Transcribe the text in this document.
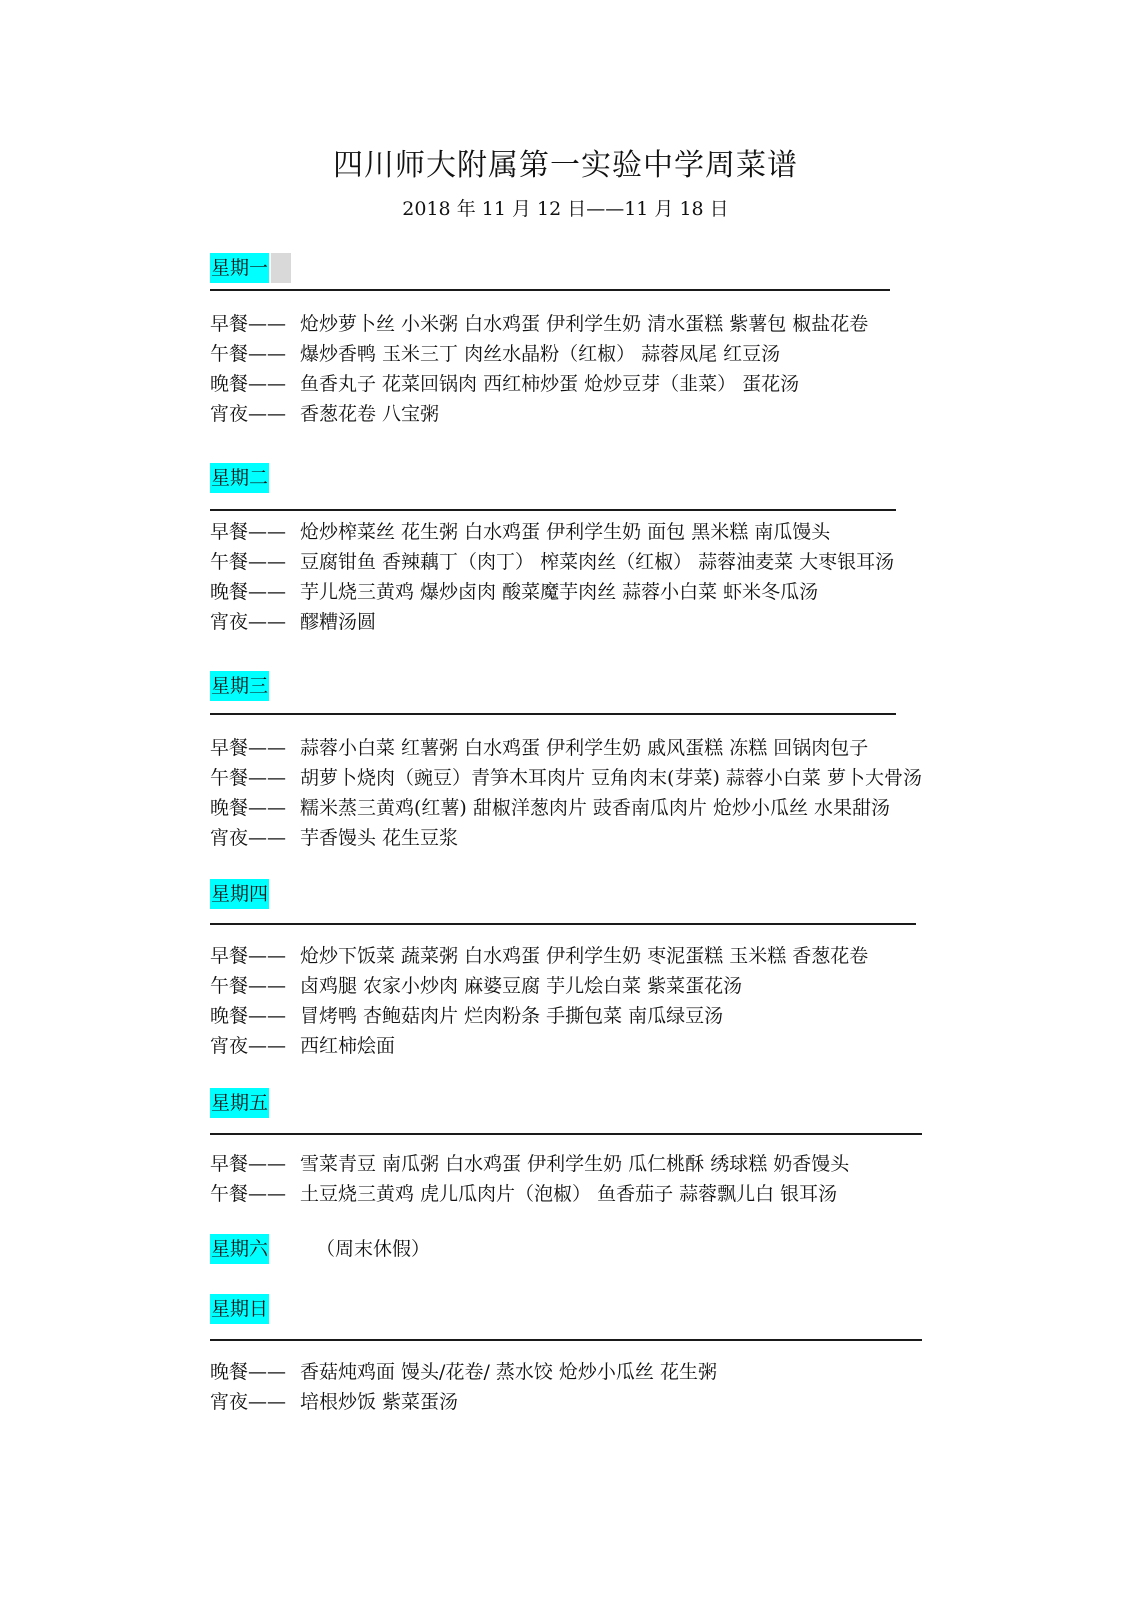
四川师大附属第一实验中学周菜谱
2018 年 11 月 12 日——11 月 18 日
星期一
早餐—— 炝炒萝卜丝 小米粥 白水鸡蛋 伊利学生奶 清水蛋糕 紫薯包 椒盐花卷
午餐—— 爆炒香鸭 玉米三丁 肉丝水晶粉（红椒） 蒜蓉凤尾 红豆汤
晚餐—— 鱼香丸子 花菜回锅肉 西红柿炒蛋 炝炒豆芽（韭菜） 蛋花汤
宵夜—— 香葱花卷 八宝粥
星期二
早餐—— 炝炒榨菜丝 花生粥 白水鸡蛋 伊利学生奶 面包 黑米糕 南瓜馒头
午餐—— 豆腐钳鱼 香辣藕丁（肉丁） 榨菜肉丝（红椒） 蒜蓉油麦菜 大枣银耳汤
晚餐—— 芋儿烧三黄鸡 爆炒卤肉 酸菜魔芋肉丝 蒜蓉小白菜 虾米冬瓜汤
宵夜—— 醪糟汤圆
星期三
早餐—— 蒜蓉小白菜 红薯粥 白水鸡蛋 伊利学生奶 戚风蛋糕 冻糕 回锅肉包子
午餐—— 胡萝卜烧肉（豌豆）青笋木耳肉片 豆角肉末(芽菜) 蒜蓉小白菜 萝卜大骨汤
晚餐—— 糯米蒸三黄鸡(红薯) 甜椒洋葱肉片 豉香南瓜肉片 炝炒小瓜丝 水果甜汤
宵夜—— 芋香馒头 花生豆浆
星期四
早餐—— 炝炒下饭菜 蔬菜粥 白水鸡蛋 伊利学生奶 枣泥蛋糕 玉米糕 香葱花卷
午餐—— 卤鸡腿 农家小炒肉 麻婆豆腐 芋儿烩白菜 紫菜蛋花汤
晚餐—— 冒烤鸭 杏鲍菇肉片 烂肉粉条 手撕包菜 南瓜绿豆汤
宵夜—— 西红柿烩面
星期五
早餐—— 雪菜青豆 南瓜粥 白水鸡蛋 伊利学生奶 瓜仁桃酥 绣球糕 奶香馒头
午餐—— 土豆烧三黄鸡 虎儿瓜肉片（泡椒） 鱼香茄子 蒜蓉飘儿白 银耳汤
星期六	（周末休假）
星期日
晚餐—— 香菇炖鸡面 馒头/花卷/ 蒸水饺 炝炒小瓜丝 花生粥
宵夜—— 培根炒饭 紫菜蛋汤
